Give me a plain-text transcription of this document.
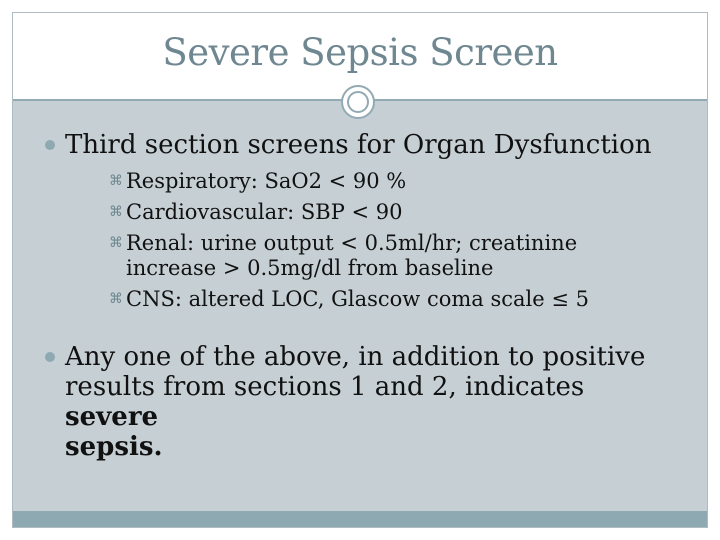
Severe Sepsis Screen
Third section screens for Organ Dysfunction
⌘ Respiratory: SaO2 < 90 %
⌘ Cardiovascular: SBP < 90
⌘ Renal: urine output < 0.5ml/hr; creatinine
increase > 0.5mg/dl from baseline
⌘ CNS: altered LOC, Glascow coma scale ≤ 5
Any one of the above, in addition to positive
results from sections 1 and 2, indicates severe
sepsis.
